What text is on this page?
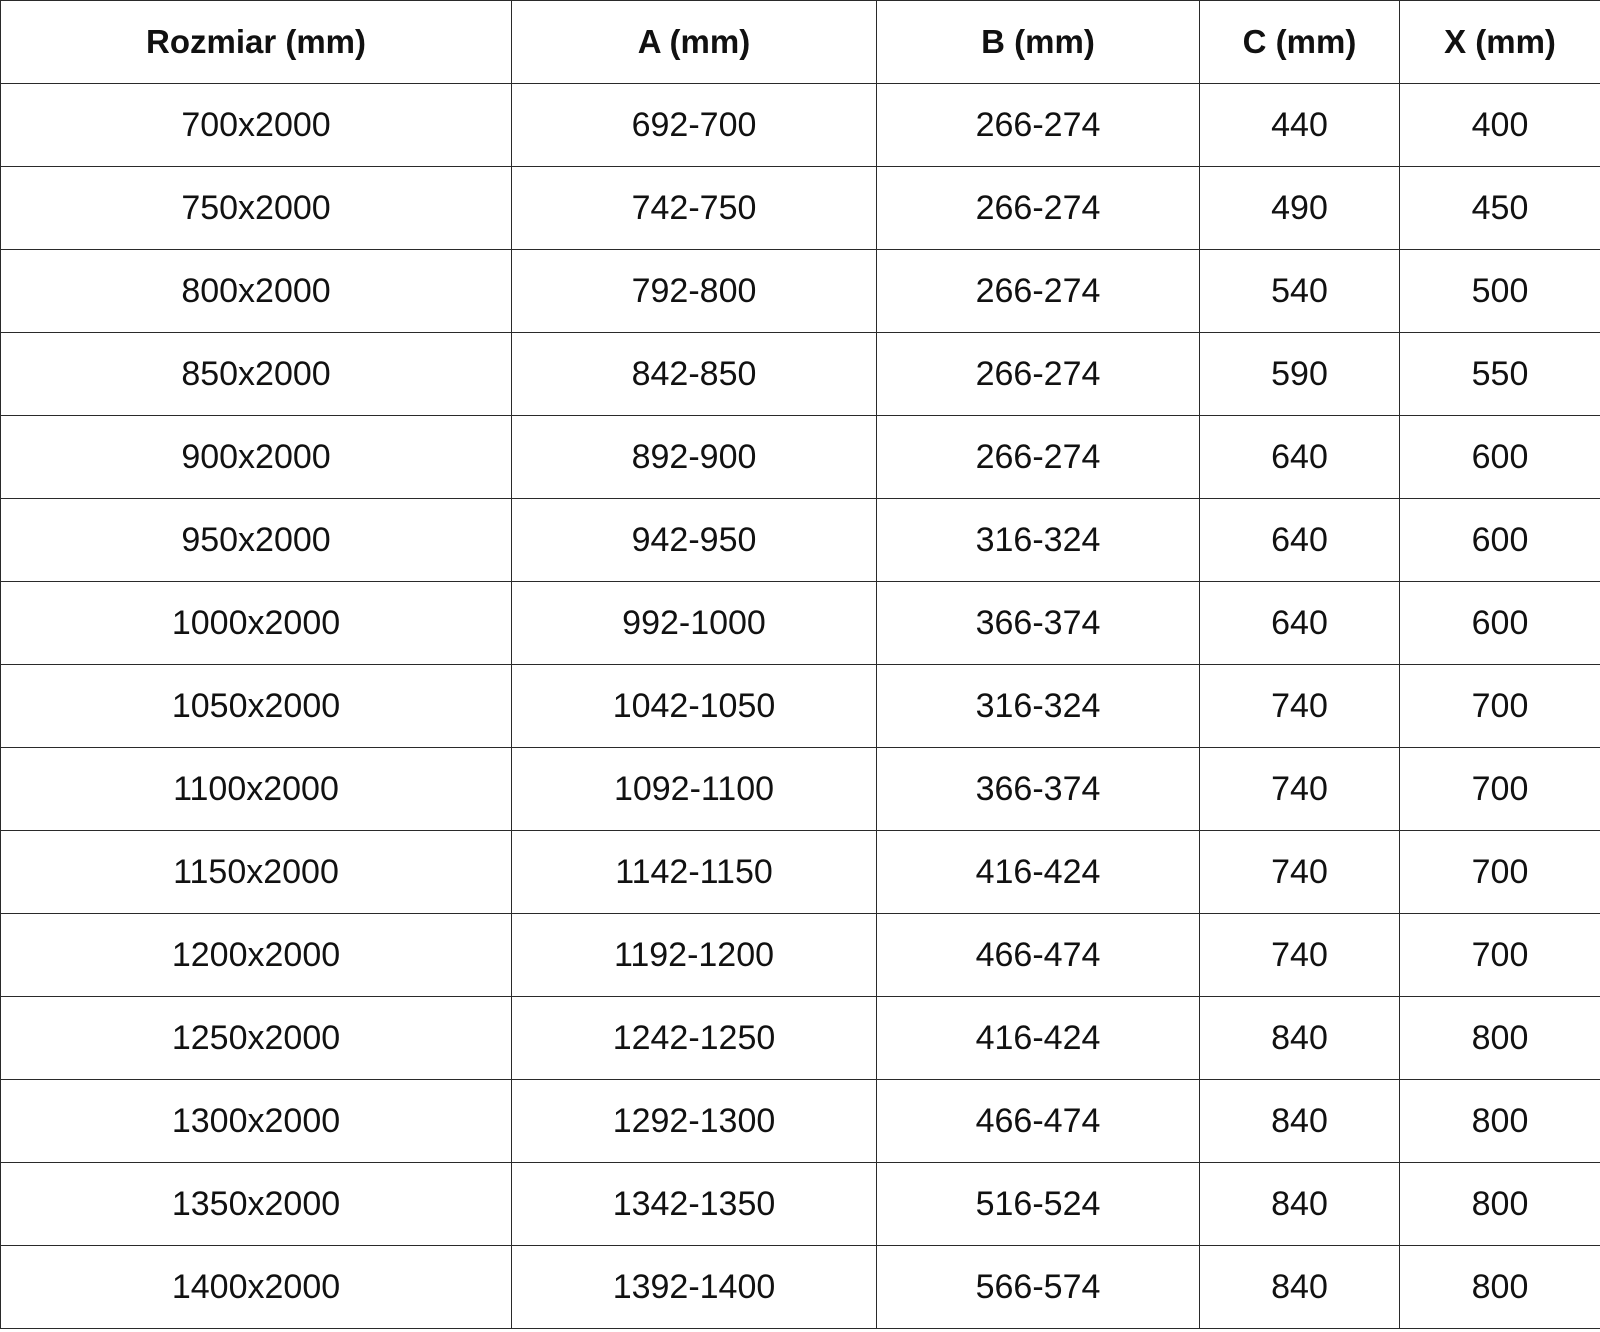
Rozmiar (mm)	A (mm)	B (mm)	C (mm)	X (mm)
700x2000	692-700	266-274	440	400
750x2000	742-750	266-274	490	450
800x2000	792-800	266-274	540	500
850x2000	842-850	266-274	590	550
900x2000	892-900	266-274	640	600
950x2000	942-950	316-324	640	600
1000x2000	992-1000	366-374	640	600
1050x2000	1042-1050	316-324	740	700
1100x2000	1092-1100	366-374	740	700
1150x2000	1142-1150	416-424	740	700
1200x2000	1192-1200	466-474	740	700
1250x2000	1242-1250	416-424	840	800
1300x2000	1292-1300	466-474	840	800
1350x2000	1342-1350	516-524	840	800
1400x2000	1392-1400	566-574	840	800
